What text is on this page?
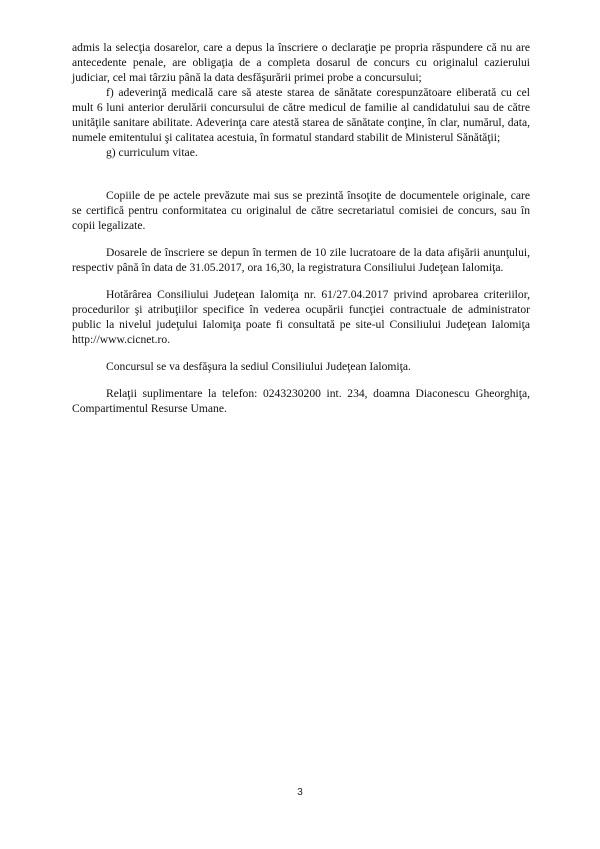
admis la selecţia dosarelor, care a depus la înscriere o declaraţie pe propria răspundere că nu are antecedente penale, are obligaţia de a completa dosarul de concurs cu originalul cazierului judiciar, cel mai târziu până la data desfăşurării primei probe a concursului;

f) adeverinţă medicală care să ateste starea de sănătate corespunzătoare eliberată cu cel mult 6 luni anterior derulării concursului de către medicul de familie al candidatului sau de către unităţile sanitare abilitate. Adeverinţa care atestă starea de sănătate conţine, în clar, numărul, data, numele emitentului şi calitatea acestuia, în formatul standard stabilit de Ministerul Sănătăţii;

g) curriculum vitae.

Copiile de pe actele prevăzute mai sus se prezintă însoţite de documentele originale, care se certifică pentru conformitatea cu originalul de către secretariatul comisiei de concurs, sau în copii legalizate.

Dosarele de înscriere se depun în termen de 10 zile lucratoare de la data afişării anunţului, respectiv până în data de 31.05.2017, ora 16,30, la registratura Consiliului Judeţean Ialomiţa.

Hotărârea Consiliului Judeţean Ialomiţa nr. 61/27.04.2017 privind aprobarea criteriilor, procedurilor şi atribuţiilor specifice în vederea ocupării funcţiei contractuale de administrator public la nivelul judeţului Ialomiţa poate fi consultată pe site-ul Consiliului Judeţean Ialomiţa http://www.cicnet.ro.

Concursul se va desfăşura la sediul Consiliului Judeţean Ialomiţa.

Relaţii suplimentare la telefon: 0243230200 int. 234, doamna Diaconescu Gheorghiţa, Compartimentul Resurse Umane.

3
